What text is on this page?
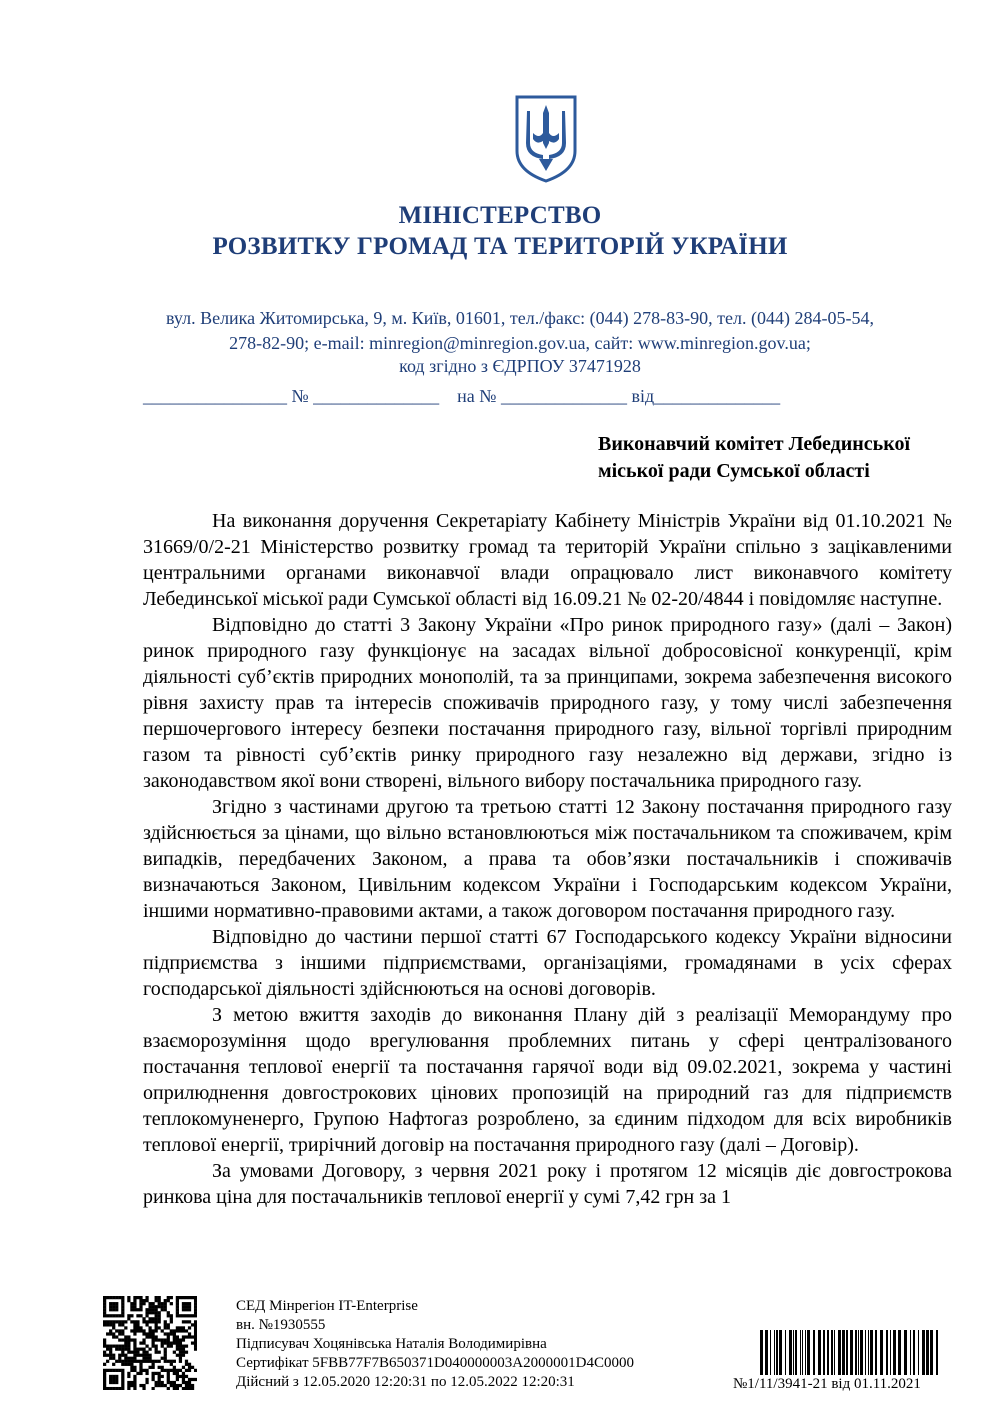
МІНІСТЕРСТВО
РОЗВИТКУ ГРОМАД ТА ТЕРИТОРІЙ УКРАЇНИ
вул. Велика Житомирська, 9, м. Київ, 01601, тел./факс: (044) 278-83-90, тел. (044) 284-05-54,
278-82-90; e-mail: minregion@minregion.gov.ua, сайт: www.minregion.gov.ua;
код згідно з ЄДРПОУ 37471928
________________ № ______________    на № ______________ від______________
Виконавчий комітет Лебединської
міської ради Сумської області

На виконання доручення Секретаріату Кабінету Міністрів України від 01.10.2021 № 31669/0/2-21 Міністерство розвитку громад та територій України спільно з зацікавленими центральними органами виконавчої влади опрацювало лист виконавчого комітету Лебединської міської ради Сумської області від 16.09.21 № 02-20/4844 і повідомляє наступне.

Відповідно до статті 3 Закону України «Про ринок природного газу» (далі – Закон) ринок природного газу функціонує на засадах вільної добросовісної конкуренції, крім діяльності суб’єктів природних монополій, та за принципами, зокрема забезпечення високого рівня захисту прав та інтересів споживачів природного газу, у тому числі забезпечення першочергового інтересу безпеки постачання природного газу, вільної торгівлі природним газом та рівності суб’єктів ринку природного газу незалежно від держави, згідно із законодавством якої вони створені, вільного вибору постачальника природного газу.

Згідно з частинами другою та третьою статті 12 Закону постачання природного газу здійснюється за цінами, що вільно встановлюються між постачальником та споживачем, крім випадків, передбачених Законом, а права та обов’язки постачальників і споживачів визначаються Законом, Цивільним кодексом України і Господарським кодексом України, іншими нормативно-правовими актами, а також договором постачання природного газу.

Відповідно до частини першої статті 67 Господарського кодексу України відносини підприємства з іншими підприємствами, організаціями, громадянами в усіх сферах господарської діяльності здійснюються на основі договорів.

З метою вжиття заходів до виконання Плану дій з реалізації Меморандуму про взаєморозуміння щодо врегулювання проблемних питань у сфері централізованого постачання теплової енергії та постачання гарячої води від 09.02.2021, зокрема у частині оприлюднення довгострокових цінових пропозицій на природний газ для підприємств теплокомуненерго, Групою Нафтогаз розроблено, за єдиним підходом для всіх виробників теплової енергії, трирічний договір на постачання природного газу (далі – Договір).

За умовами Договору, з червня 2021 року і протягом 12 місяців діє довгострокова ринкова ціна для постачальників теплової енергії у сумі 7,42 грн за 1

СЕД Мінрегіон IT-Enterprise
вн. №1930555
Підписувач Хоцянівська Наталія Володимирівна
Сертифікат 5FBB77F7B650371D040000003A2000001D4C0000
Дійсний з 12.05.2020 12:20:31 по 12.05.2022 12:20:31	№1/11/3941-21 від 01.11.2021
